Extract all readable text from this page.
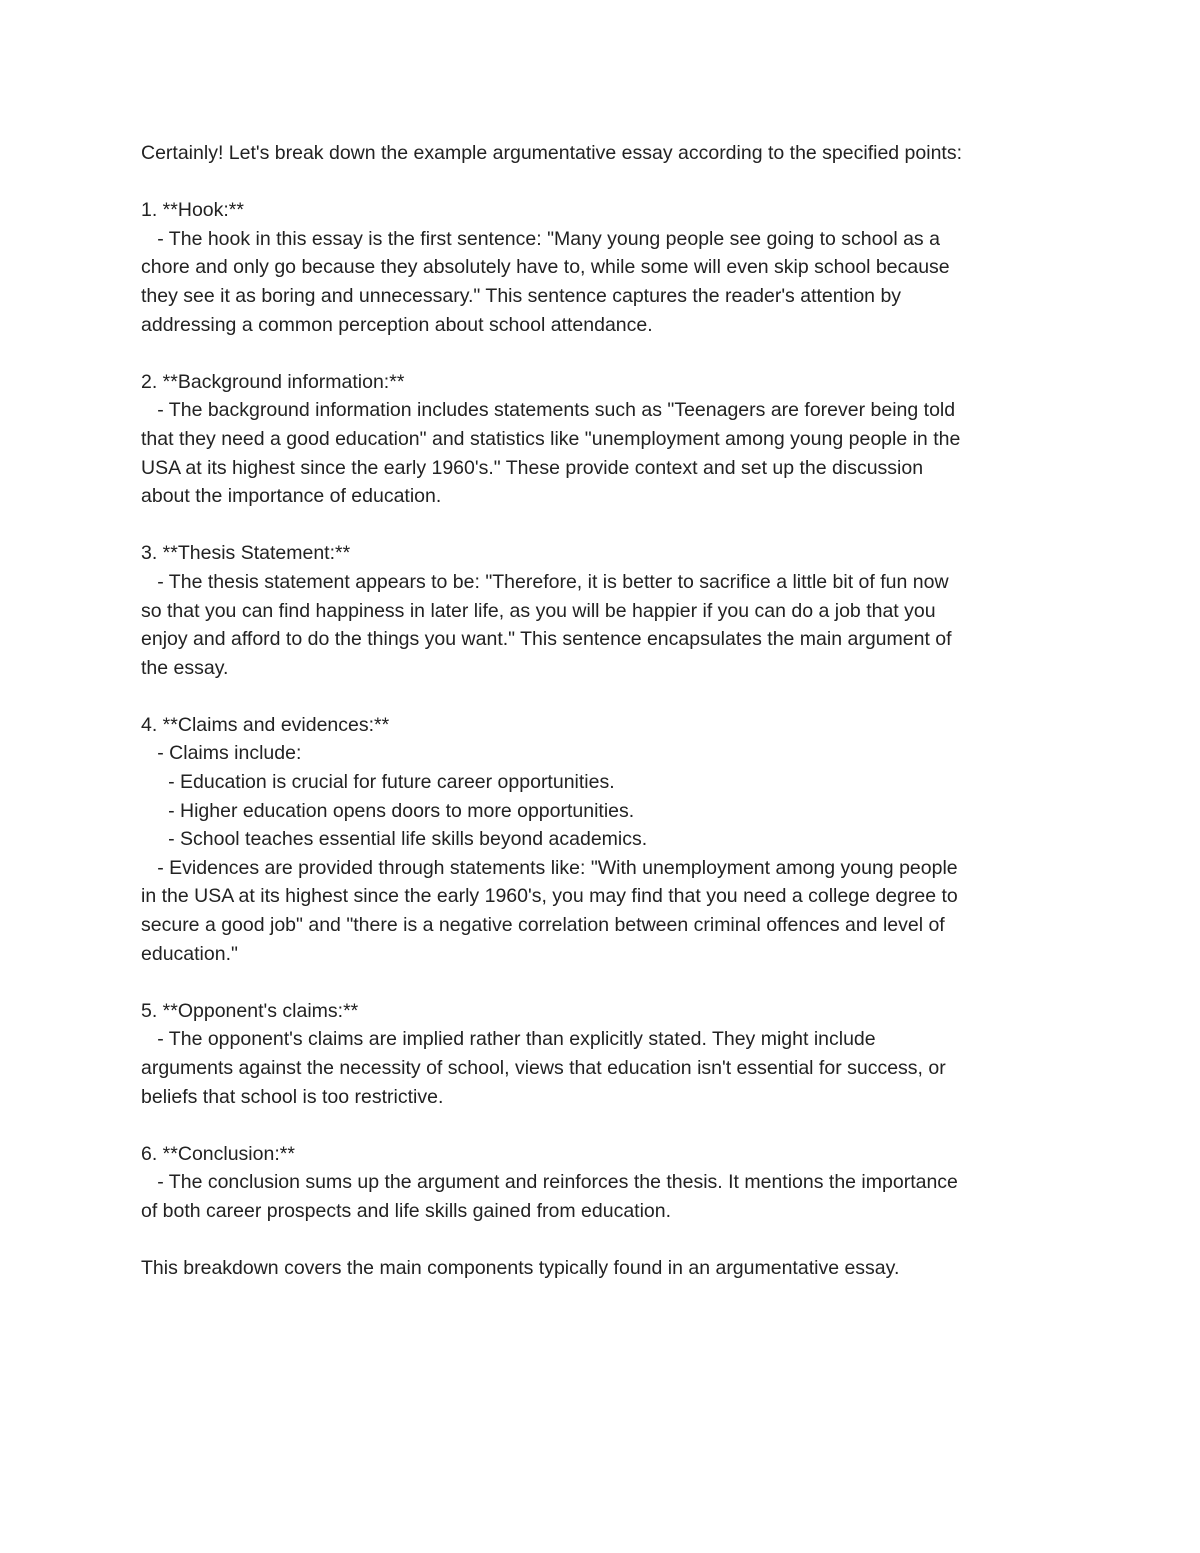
Certainly! Let's break down the example argumentative essay according to the specified points:
1. **Hook:**
- The hook in this essay is the first sentence: "Many young people see going to school as a
chore and only go because they absolutely have to, while some will even skip school because
they see it as boring and unnecessary." This sentence captures the reader's attention by
addressing a common perception about school attendance.
2. **Background information:**
- The background information includes statements such as "Teenagers are forever being told
that they need a good education" and statistics like "unemployment among young people in the
USA at its highest since the early 1960's." These provide context and set up the discussion
about the importance of education.
3. **Thesis Statement:**
- The thesis statement appears to be: "Therefore, it is better to sacrifice a little bit of fun now
so that you can find happiness in later life, as you will be happier if you can do a job that you
enjoy and afford to do the things you want." This sentence encapsulates the main argument of
the essay.
4. **Claims and evidences:**
- Claims include:
- Education is crucial for future career opportunities.
- Higher education opens doors to more opportunities.
- School teaches essential life skills beyond academics.
- Evidences are provided through statements like: "With unemployment among young people
in the USA at its highest since the early 1960's, you may find that you need a college degree to
secure a good job" and "there is a negative correlation between criminal offences and level of
education."
5. **Opponent's claims:**
- The opponent's claims are implied rather than explicitly stated. They might include
arguments against the necessity of school, views that education isn't essential for success, or
beliefs that school is too restrictive.
6. **Conclusion:**
- The conclusion sums up the argument and reinforces the thesis. It mentions the importance
of both career prospects and life skills gained from education.
This breakdown covers the main components typically found in an argumentative essay.
